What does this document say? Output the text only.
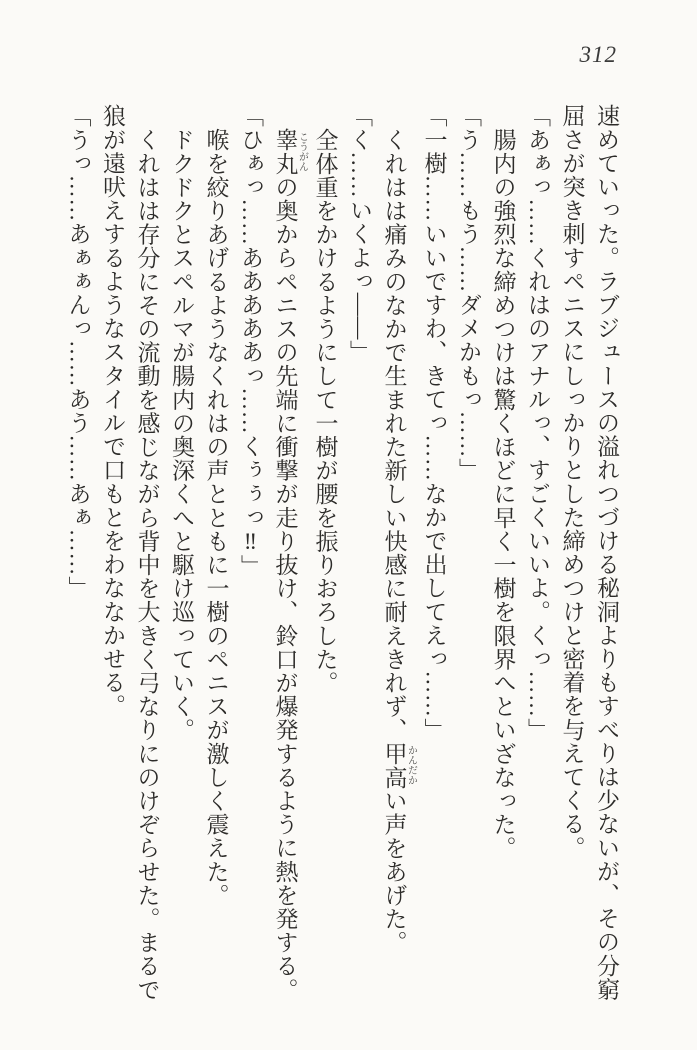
312

速めていった。ラブジュースの溢れつづける秘洞よりもすべりは少ないが、その分窮

屈さが突き刺すペニスにしっかりとした締めつけと密着を与えてくる。

「あぁっ……くれはのアナルっ、すごくいいよ。くっ……」

腸内の強烈な締めつけは驚くほどに早く一樹を限界へといざなった。

「う……もう……ダメかもっ……」

「一樹……いいですわ、きてっ……なかで出してえっ……」

くれはは痛みのなかで生まれた新しい快感に耐えきれず、甲高 かんだかい声をあげた。

「く……いくよっ――」

全体重をかけるようにして一樹が腰を振りおろした。

睾丸 こうがんの奥からペニスの先端に衝撃が走り抜け、鈴口が爆発するように熱を発する。

「ひぁっ……あああああっ……くぅぅっ‼」

喉を絞りあげるようなくれはの声とともに一樹のペニスが激しく震えた。

ドクドクとスペルマが腸内の奥深くへと駆け巡っていく。

くれはは存分にその流動を感じながら背中を大きく弓なりにのけぞらせた。まるで

狼が遠吠えするようなスタイルで口もとをわななかせる。

「うっ……あぁぁんっ……あう……あぁ……」
